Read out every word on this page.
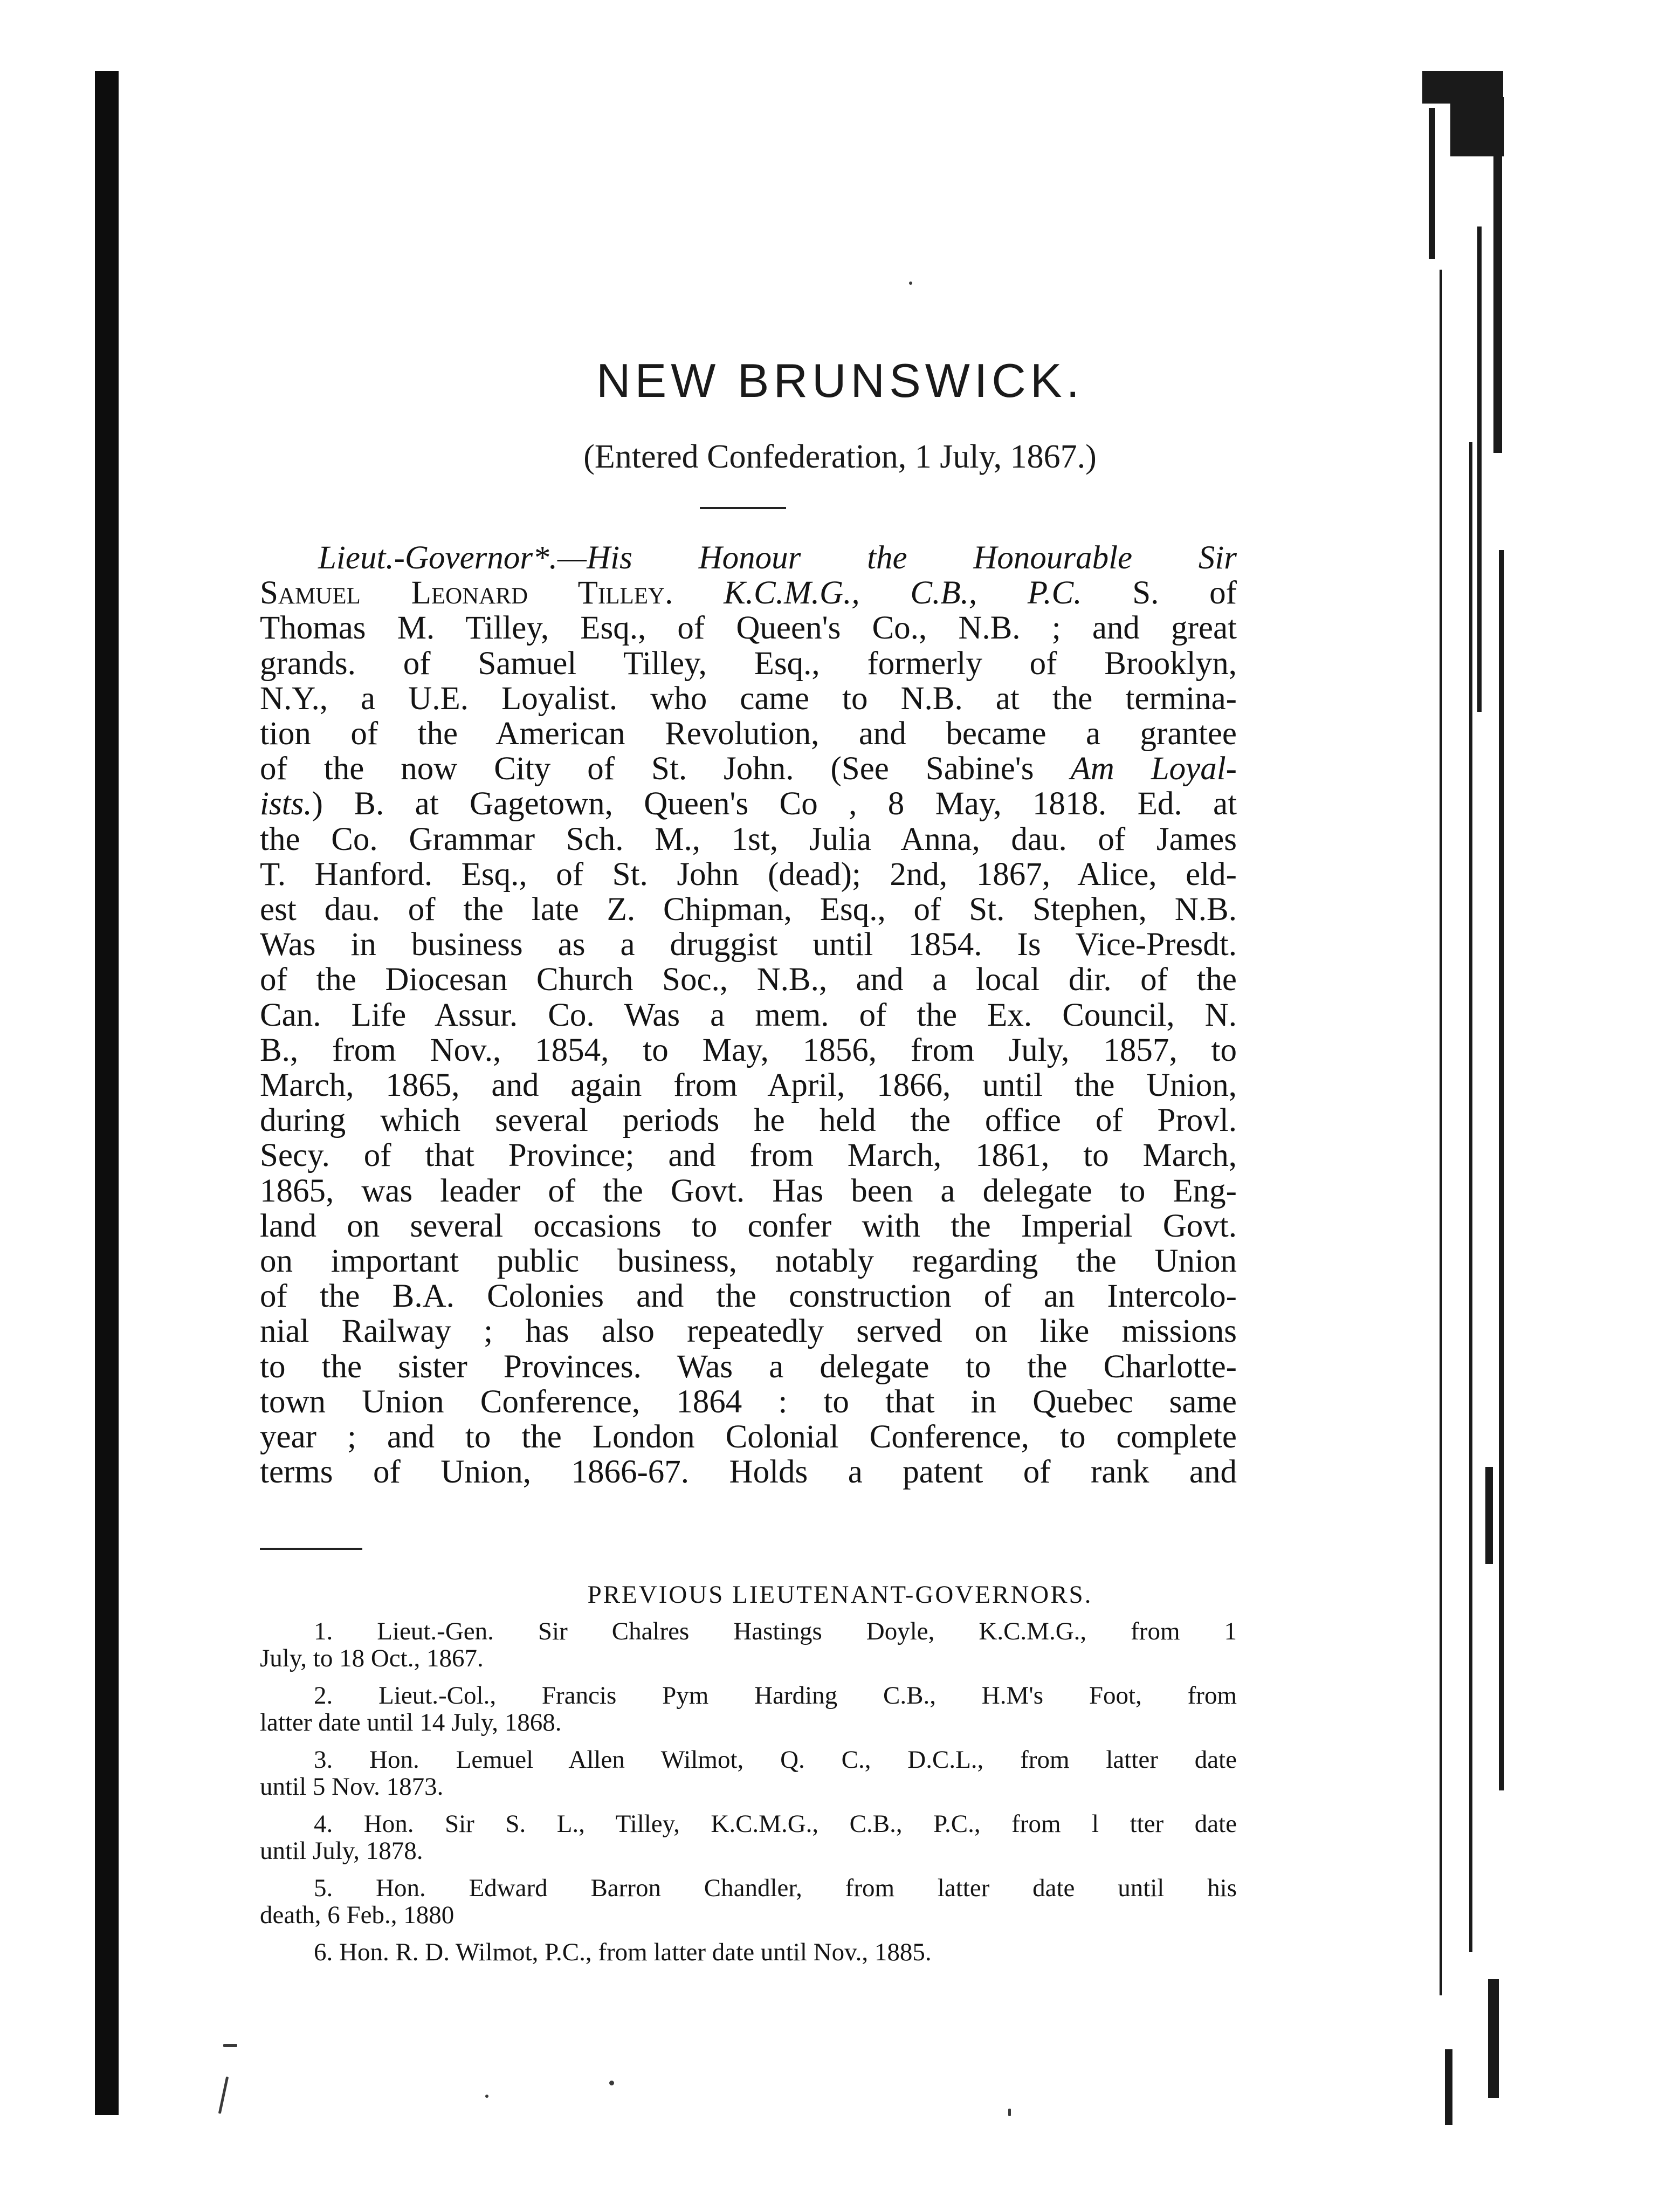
NEW BRUNSWICK.

(Entered Confederation, 1 July, 1867.)

Lieut.-Governor*.—His Honour the Honourable Sir
Samuel Leonard Tilley. K.C.M.G., C.B., P.C. S. of
Thomas M. Tilley, Esq., of Queen's Co., N.B. ; and great
grands. of Samuel Tilley, Esq., formerly of Brooklyn,
N.Y., a U.E. Loyalist. who came to N.B. at the termina-
tion of the American Revolution, and became a grantee
of the now City of St. John. (See Sabine's Am Loyal-
ists.) B. at Gagetown, Queen's Co , 8 May, 1818. Ed. at
the Co. Grammar Sch. M., 1st, Julia Anna, dau. of James
T. Hanford. Esq., of St. John (dead); 2nd, 1867, Alice, eld-
est dau. of the late Z. Chipman, Esq., of St. Stephen, N.B.
Was in business as a druggist until 1854. Is Vice-Presdt.
of the Diocesan Church Soc., N.B., and a local dir. of the
Can. Life Assur. Co. Was a mem. of the Ex. Council, N.
B., from Nov., 1854, to May, 1856, from July, 1857, to
March, 1865, and again from April, 1866, until the Union,
during which several periods he held the office of Provl.
Secy. of that Province; and from March, 1861, to March,
1865, was leader of the Govt. Has been a delegate to Eng-
land on several occasions to confer with the Imperial Govt.
on important public business, notably regarding the Union
of the B.A. Colonies and the construction of an Intercolo-
nial Railway ; has also repeatedly served on like missions
to the sister Provinces. Was a delegate to the Charlotte-
town Union Conference, 1864 : to that in Quebec same
year ; and to the London Colonial Conference, to complete
terms of Union, 1866-67. Holds a patent of rank and
PREVIOUS LIEUTENANT-GOVERNORS.
1. Lieut.-Gen. Sir Chalres Hastings Doyle, K.C.M.G., from 1
July, to 18 Oct., 1867.
2. Lieut.-Col., Francis Pym Harding C.B., H.M's Foot, from
latter date until 14 July, 1868.
3. Hon. Lemuel Allen Wilmot, Q. C., D.C.L., from latter date
until 5 Nov. 1873.
4. Hon. Sir S. L., Tilley, K.C.M.G., C.B., P.C., from l tter date
until July, 1878.
5. Hon. Edward Barron Chandler, from latter date until his
death, 6 Feb., 1880
6. Hon. R. D. Wilmot, P.C., from latter date until Nov., 1885.
